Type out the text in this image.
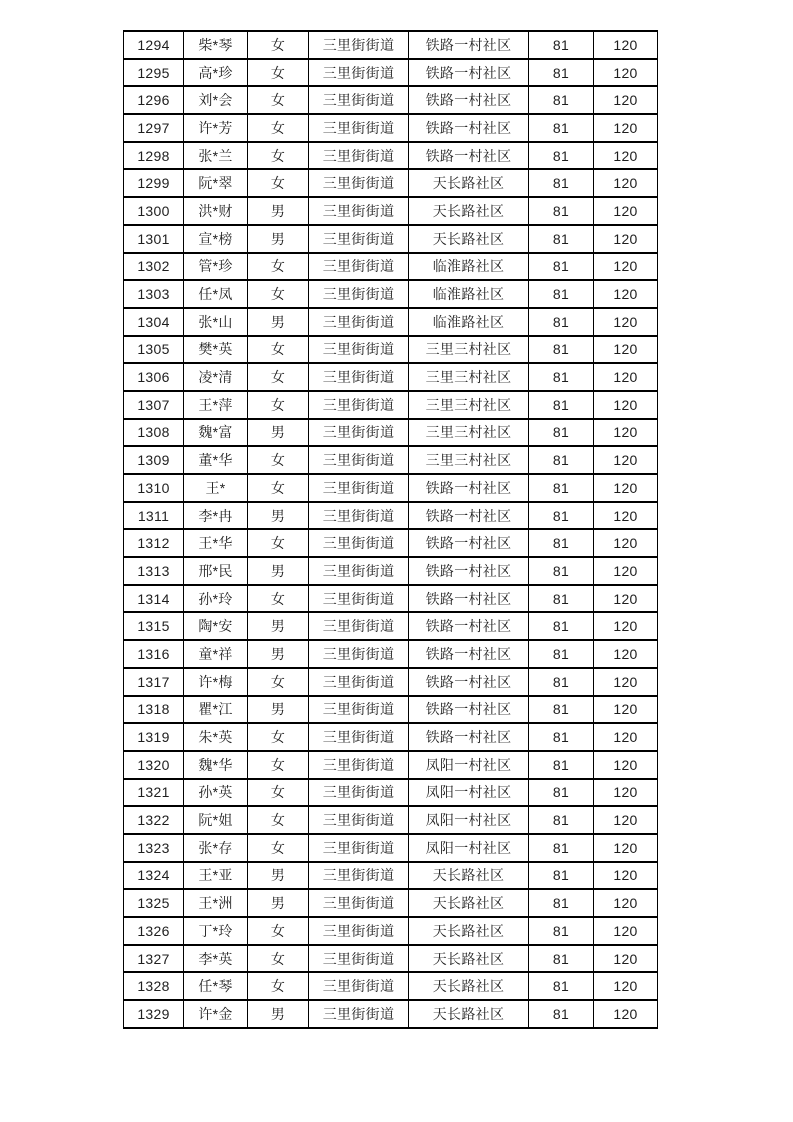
1294	柴*琴	女	三里街街道	铁路一村社区	81	120
1295	高*珍	女	三里街街道	铁路一村社区	81	120
1296	刘*会	女	三里街街道	铁路一村社区	81	120
1297	许*芳	女	三里街街道	铁路一村社区	81	120
1298	张*兰	女	三里街街道	铁路一村社区	81	120
1299	阮*翠	女	三里街街道	天长路社区	81	120
1300	洪*财	男	三里街街道	天长路社区	81	120
1301	宣*榜	男	三里街街道	天长路社区	81	120
1302	管*珍	女	三里街街道	临淮路社区	81	120
1303	任*凤	女	三里街街道	临淮路社区	81	120
1304	张*山	男	三里街街道	临淮路社区	81	120
1305	樊*英	女	三里街街道	三里三村社区	81	120
1306	凌*清	女	三里街街道	三里三村社区	81	120
1307	王*萍	女	三里街街道	三里三村社区	81	120
1308	魏*富	男	三里街街道	三里三村社区	81	120
1309	董*华	女	三里街街道	三里三村社区	81	120
1310	王*	女	三里街街道	铁路一村社区	81	120
1311	李*冉	男	三里街街道	铁路一村社区	81	120
1312	王*华	女	三里街街道	铁路一村社区	81	120
1313	邢*民	男	三里街街道	铁路一村社区	81	120
1314	孙*玲	女	三里街街道	铁路一村社区	81	120
1315	陶*安	男	三里街街道	铁路一村社区	81	120
1316	童*祥	男	三里街街道	铁路一村社区	81	120
1317	许*梅	女	三里街街道	铁路一村社区	81	120
1318	瞿*江	男	三里街街道	铁路一村社区	81	120
1319	朱*英	女	三里街街道	铁路一村社区	81	120
1320	魏*华	女	三里街街道	凤阳一村社区	81	120
1321	孙*英	女	三里街街道	凤阳一村社区	81	120
1322	阮*姐	女	三里街街道	凤阳一村社区	81	120
1323	张*存	女	三里街街道	凤阳一村社区	81	120
1324	王*亚	男	三里街街道	天长路社区	81	120
1325	王*洲	男	三里街街道	天长路社区	81	120
1326	丁*玲	女	三里街街道	天长路社区	81	120
1327	李*英	女	三里街街道	天长路社区	81	120
1328	任*琴	女	三里街街道	天长路社区	81	120
1329	许*金	男	三里街街道	天长路社区	81	120
